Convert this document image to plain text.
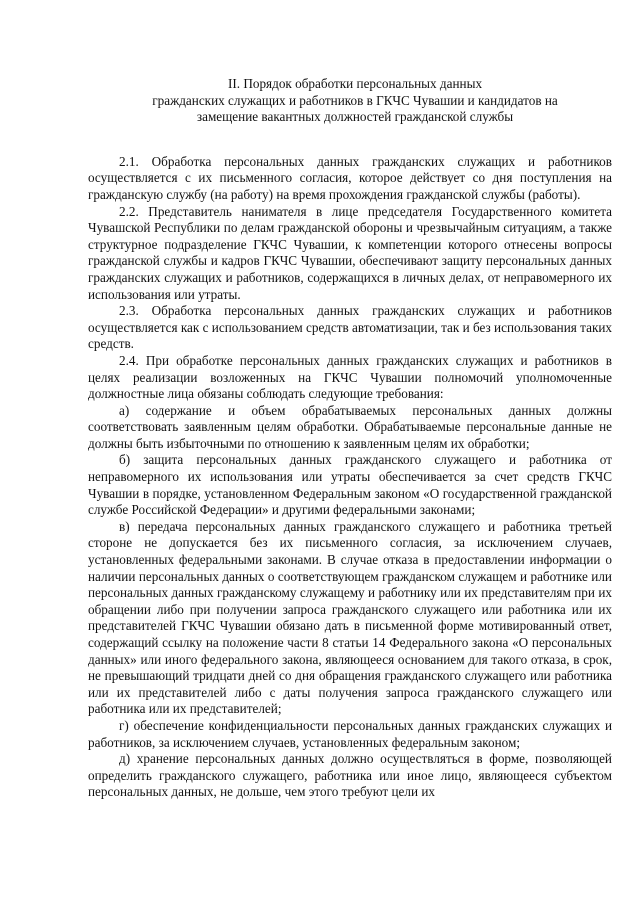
II. Порядок обработки персональных данных
гражданских служащих и работников в ГКЧС Чувашии и кандидатов на
замещение вакантных должностей гражданской службы

2.1. Обработка персональных данных гражданских служащих и работников осуществляется с их письменного согласия, которое действует со дня поступления на гражданскую службу (на работу) на время прохождения гражданской службы (работы).

2.2. Представитель нанимателя в лице председателя Государственного комитета Чувашской Республики по делам гражданской обороны и чрезвычайным ситуациям, а также структурное подразделение ГКЧС Чувашии, к компетенции которого отнесены вопросы гражданской службы и кадров ГКЧС Чувашии, обеспечивают защиту персональных данных гражданских служащих и работников, содержащихся в личных делах, от неправомерного их использования или утраты.

2.3. Обработка персональных данных гражданских служащих и работников осуществляется как с использованием средств автоматизации, так и без использования таких средств.

2.4. При обработке персональных данных гражданских служащих и работников в целях реализации возложенных на ГКЧС Чувашии полномочий уполномоченные должностные лица обязаны соблюдать следующие требования:

а) содержание и объем обрабатываемых персональных данных должны соответствовать заявленным целям обработки. Обрабатываемые персональные данные не должны быть избыточными по отношению к заявленным целям их обработки;

б) защита персональных данных гражданского служащего и работника от неправомерного их использования или утраты обеспечивается за счет средств ГКЧС Чувашии в порядке, установленном Федеральным законом «О государственной гражданской службе Российской Федерации» и другими федеральными законами;

в) передача персональных данных гражданского служащего и работника третьей стороне не допускается без их письменного согласия, за исключением случаев, установленных федеральными законами. В случае отказа в предоставлении информации о наличии персональных данных о соответствующем гражданском служащем и работнике или персональных данных гражданскому служащему и работнику или их представителям при их обращении либо при получении запроса гражданского служащего или работника или их представителей ГКЧС Чувашии обязано дать в письменной форме мотивированный ответ, содержащий ссылку на положение части 8 статьи 14 Федерального закона «О персональных данных» или иного федерального закона, являющееся основанием для такого отказа, в срок, не превышающий тридцати дней со дня обращения гражданского служащего или работника или их представителей либо с даты получения запроса гражданского служащего или работника или их представителей;

г) обеспечение конфиденциальности персональных данных гражданских служащих и работников, за исключением случаев, установленных федеральным законом;

д) хранение персональных данных должно осуществляться в форме, позволяющей определить гражданского служащего, работника или иное лицо, являющееся субъектом персональных данных, не дольше, чем этого требуют цели их
